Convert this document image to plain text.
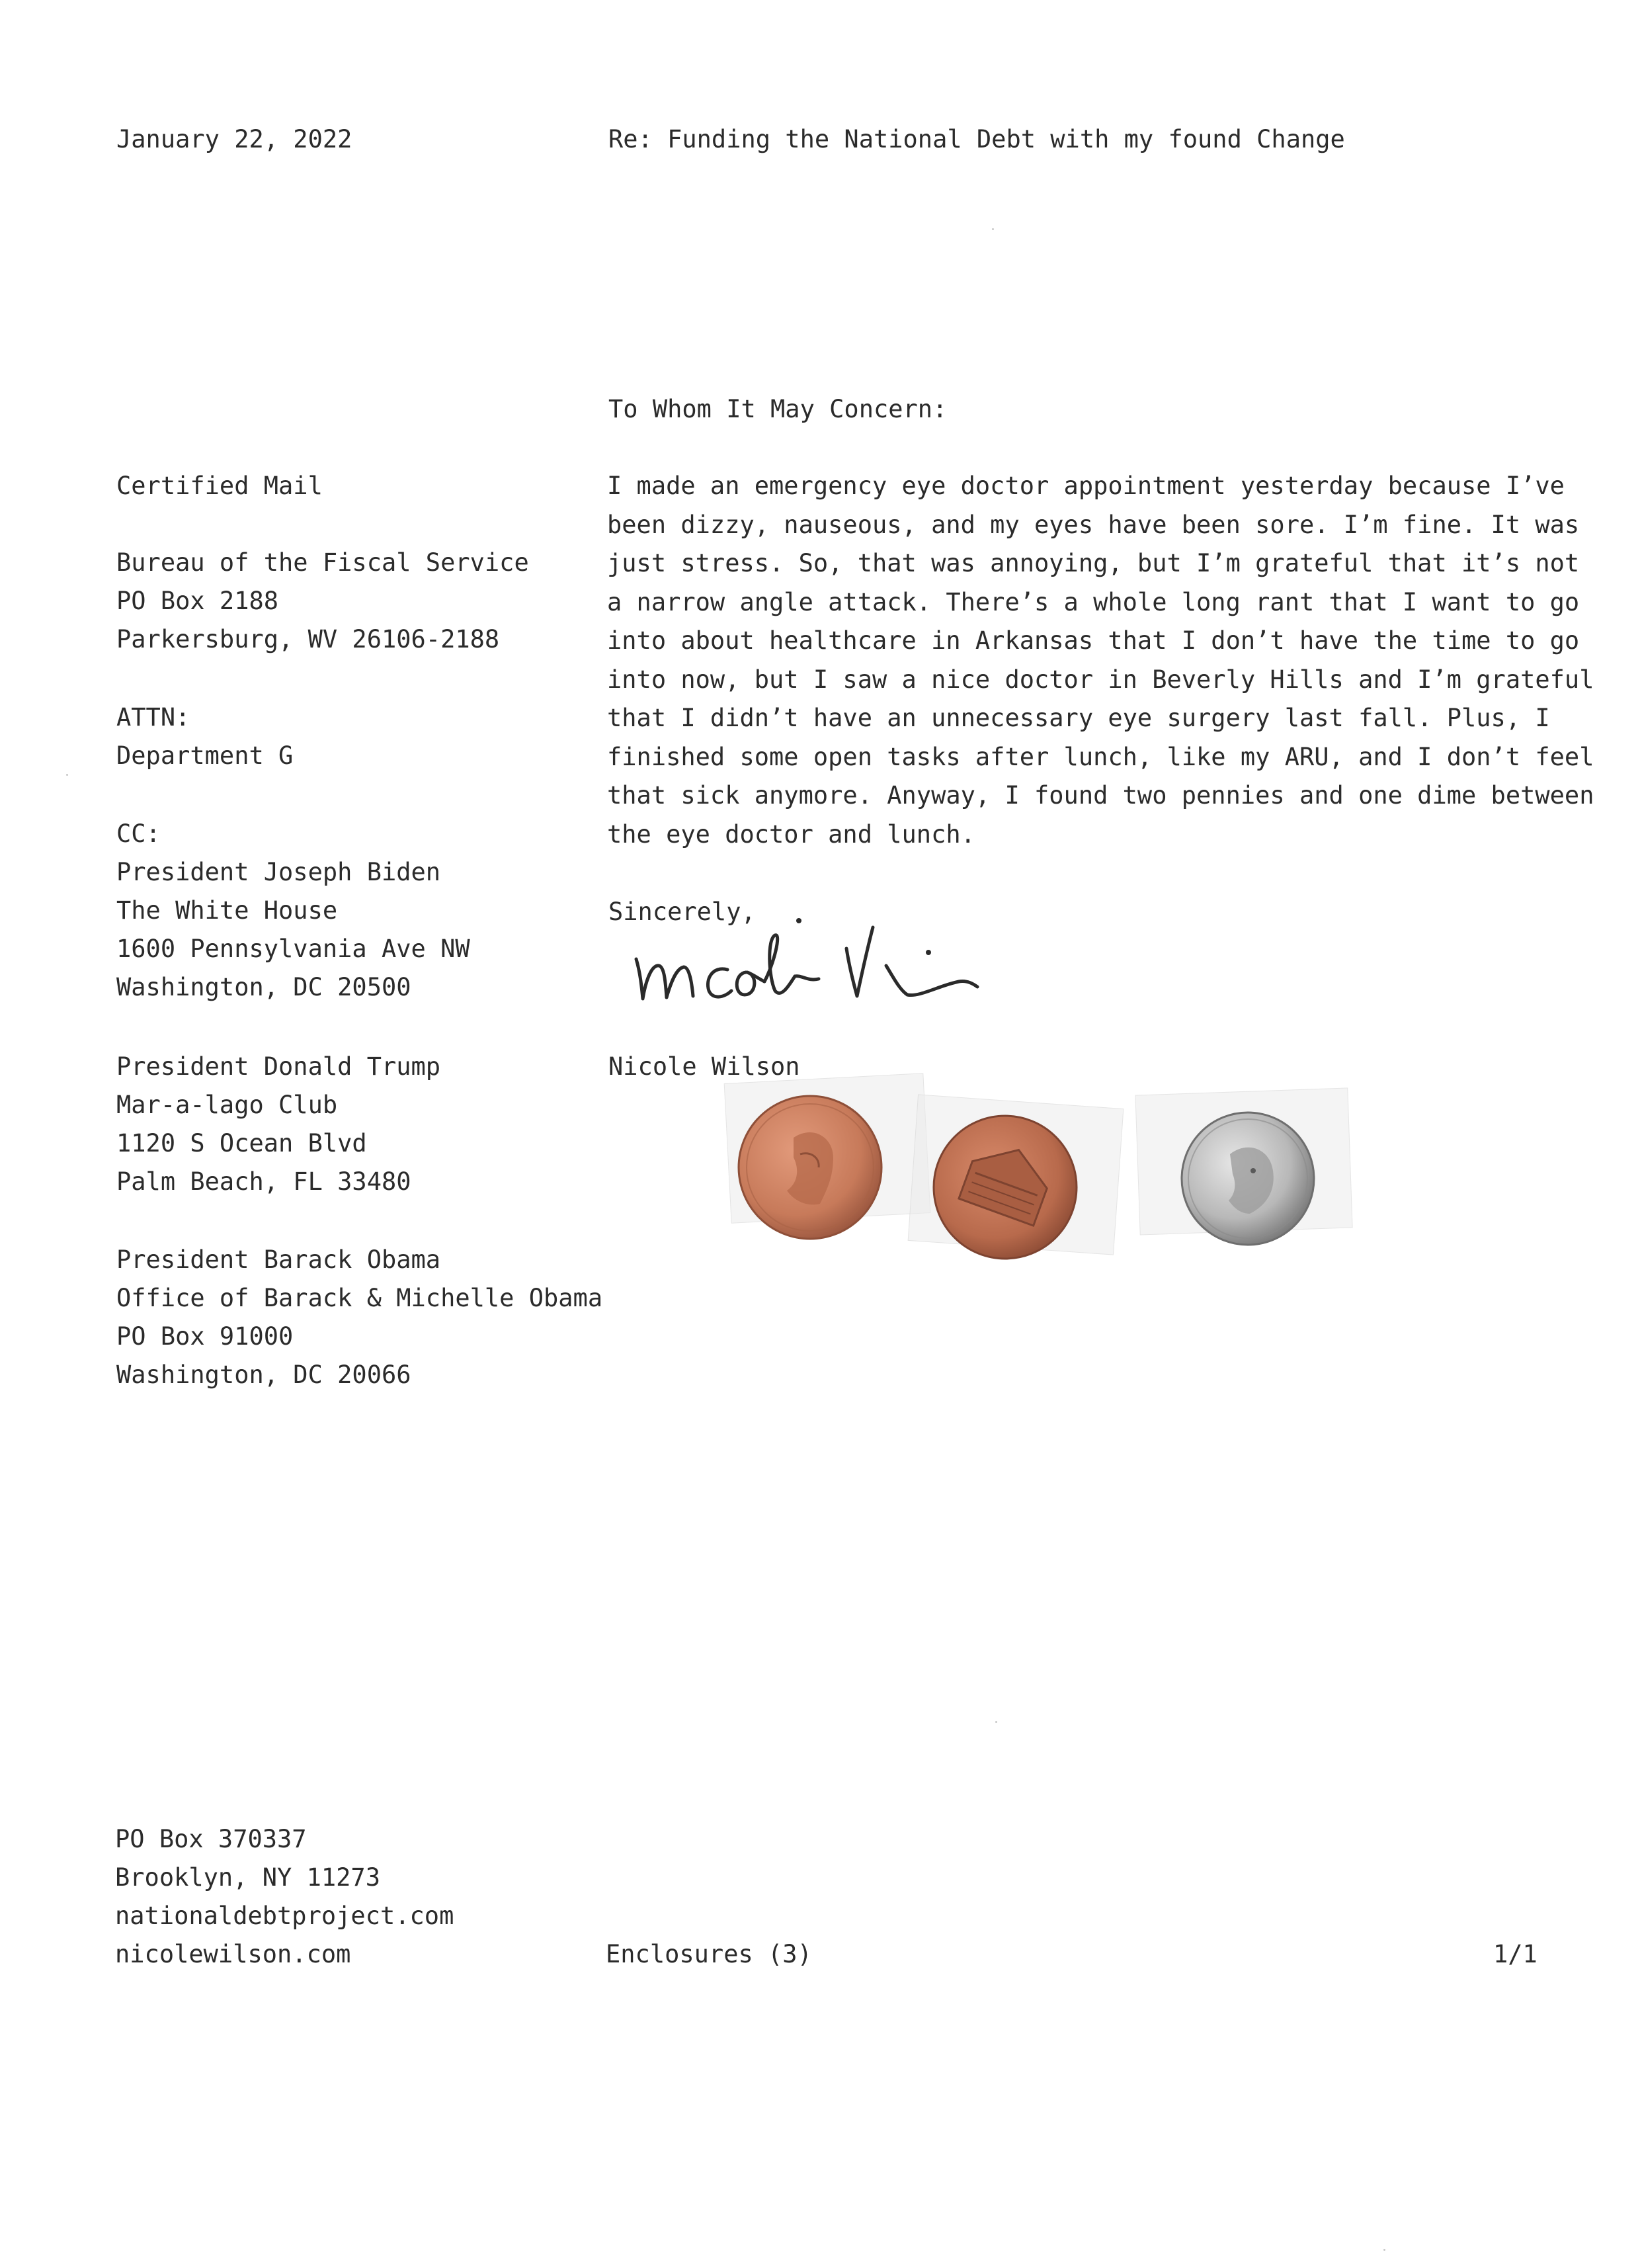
January 22, 2022	Re: Funding the National Debt with my found Change
To Whom It May Concern:
Certified Mail
Bureau of the Fiscal Service
PO Box 2188
Parkersburg, WV 26106-2188
ATTN:
Department G
CC:
President Joseph Biden
The White House
1600 Pennsylvania Ave NW
Washington, DC 20500
President Donald Trump
Mar-a-lago Club
1120 S Ocean Blvd
Palm Beach, FL 33480
President Barack Obama
Office of Barack & Michelle Obama
PO Box 91000
Washington, DC 20066
I made an emergency eye doctor appointment yesterday because I’ve
been dizzy, nauseous, and my eyes have been sore. I’m fine. It was
just stress. So, that was annoying, but I’m grateful that it’s not
a narrow angle attack. There’s a whole long rant that I want to go
into about healthcare in Arkansas that I don’t have the time to go
into now, but I saw a nice doctor in Beverly Hills and I’m grateful
that I didn’t have an unnecessary eye surgery last fall. Plus, I
finished some open tasks after lunch, like my ARU, and I don’t feel
that sick anymore. Anyway, I found two pennies and one dime between
the eye doctor and lunch.
Sincerely,
Nicole Wilson
PO Box 370337
Brooklyn, NY 11273
nationaldebtproject.com
nicolewilson.com	Enclosures (3)	1/1
